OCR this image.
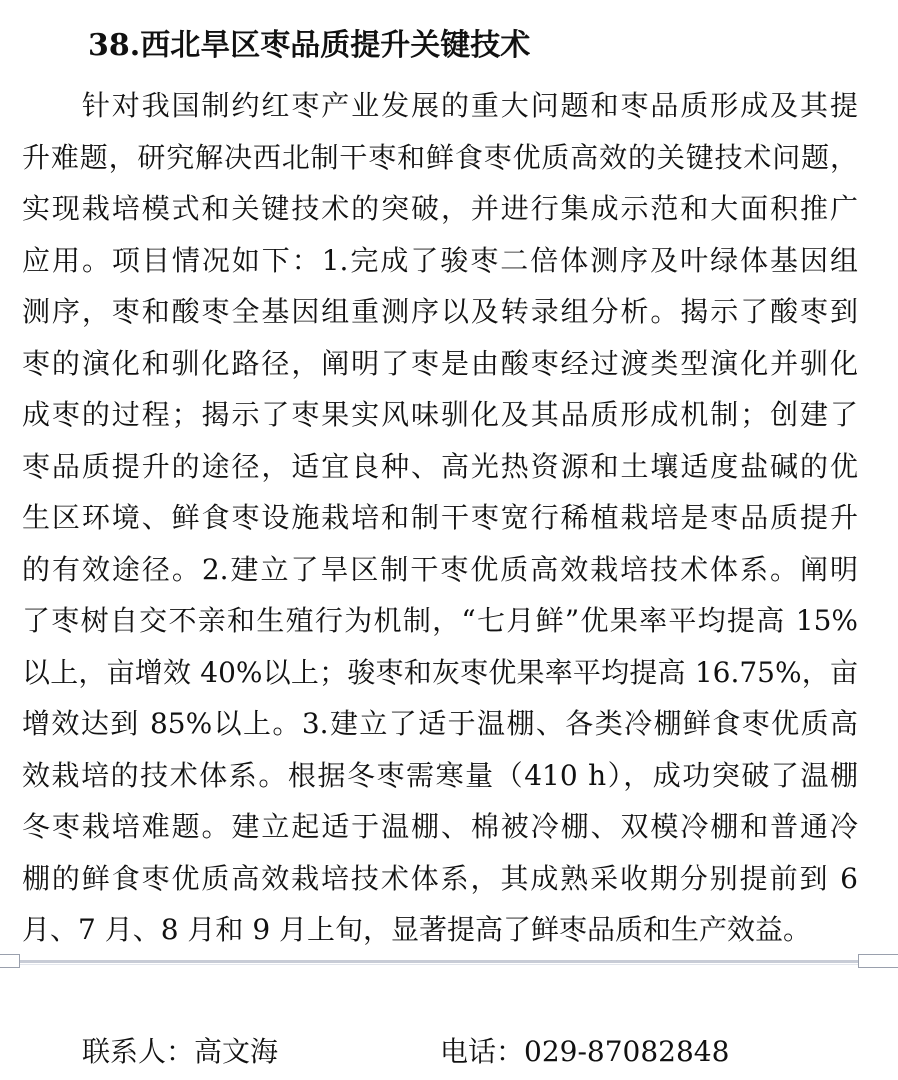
38.西北旱区枣品质提升关键技术
　　针对我国制约红枣产业发展的重大问题和枣品质形成及其提
升难题，研究解决西北制干枣和鲜食枣优质高效的关键技术问题，
实现栽培模式和关键技术的突破，并进行集成示范和大面积推广
应用。项目情况如下：1.完成了骏枣二倍体测序及叶绿体基因组
测序，枣和酸枣全基因组重测序以及转录组分析。揭示了酸枣到
枣的演化和驯化路径，阐明了枣是由酸枣经过渡类型演化并驯化
成枣的过程；揭示了枣果实风味驯化及其品质形成机制；创建了
枣品质提升的途径，适宜良种、高光热资源和土壤适度盐碱的优
生区环境、鲜食枣设施栽培和制干枣宽行稀植栽培是枣品质提升
的有效途径。2.建立了旱区制干枣优质高效栽培技术体系。阐明
了枣树自交不亲和生殖行为机制，“七月鲜”优果率平均提高 15%
以上，亩增效 40%以上；骏枣和灰枣优果率平均提高 16.75%，亩
增效达到 85%以上。3.建立了适于温棚、各类冷棚鲜食枣优质高
效栽培的技术体系。根据冬枣需寒量（410 h），成功突破了温棚
冬枣栽培难题。建立起适于温棚、棉被冷棚、双模冷棚和普通冷
棚的鲜食枣优质高效栽培技术体系，其成熟采收期分别提前到 6
月、7 月、8 月和 9 月上旬，显著提高了鲜枣品质和生产效益。
联系人：高文海	电话：029-87082848
